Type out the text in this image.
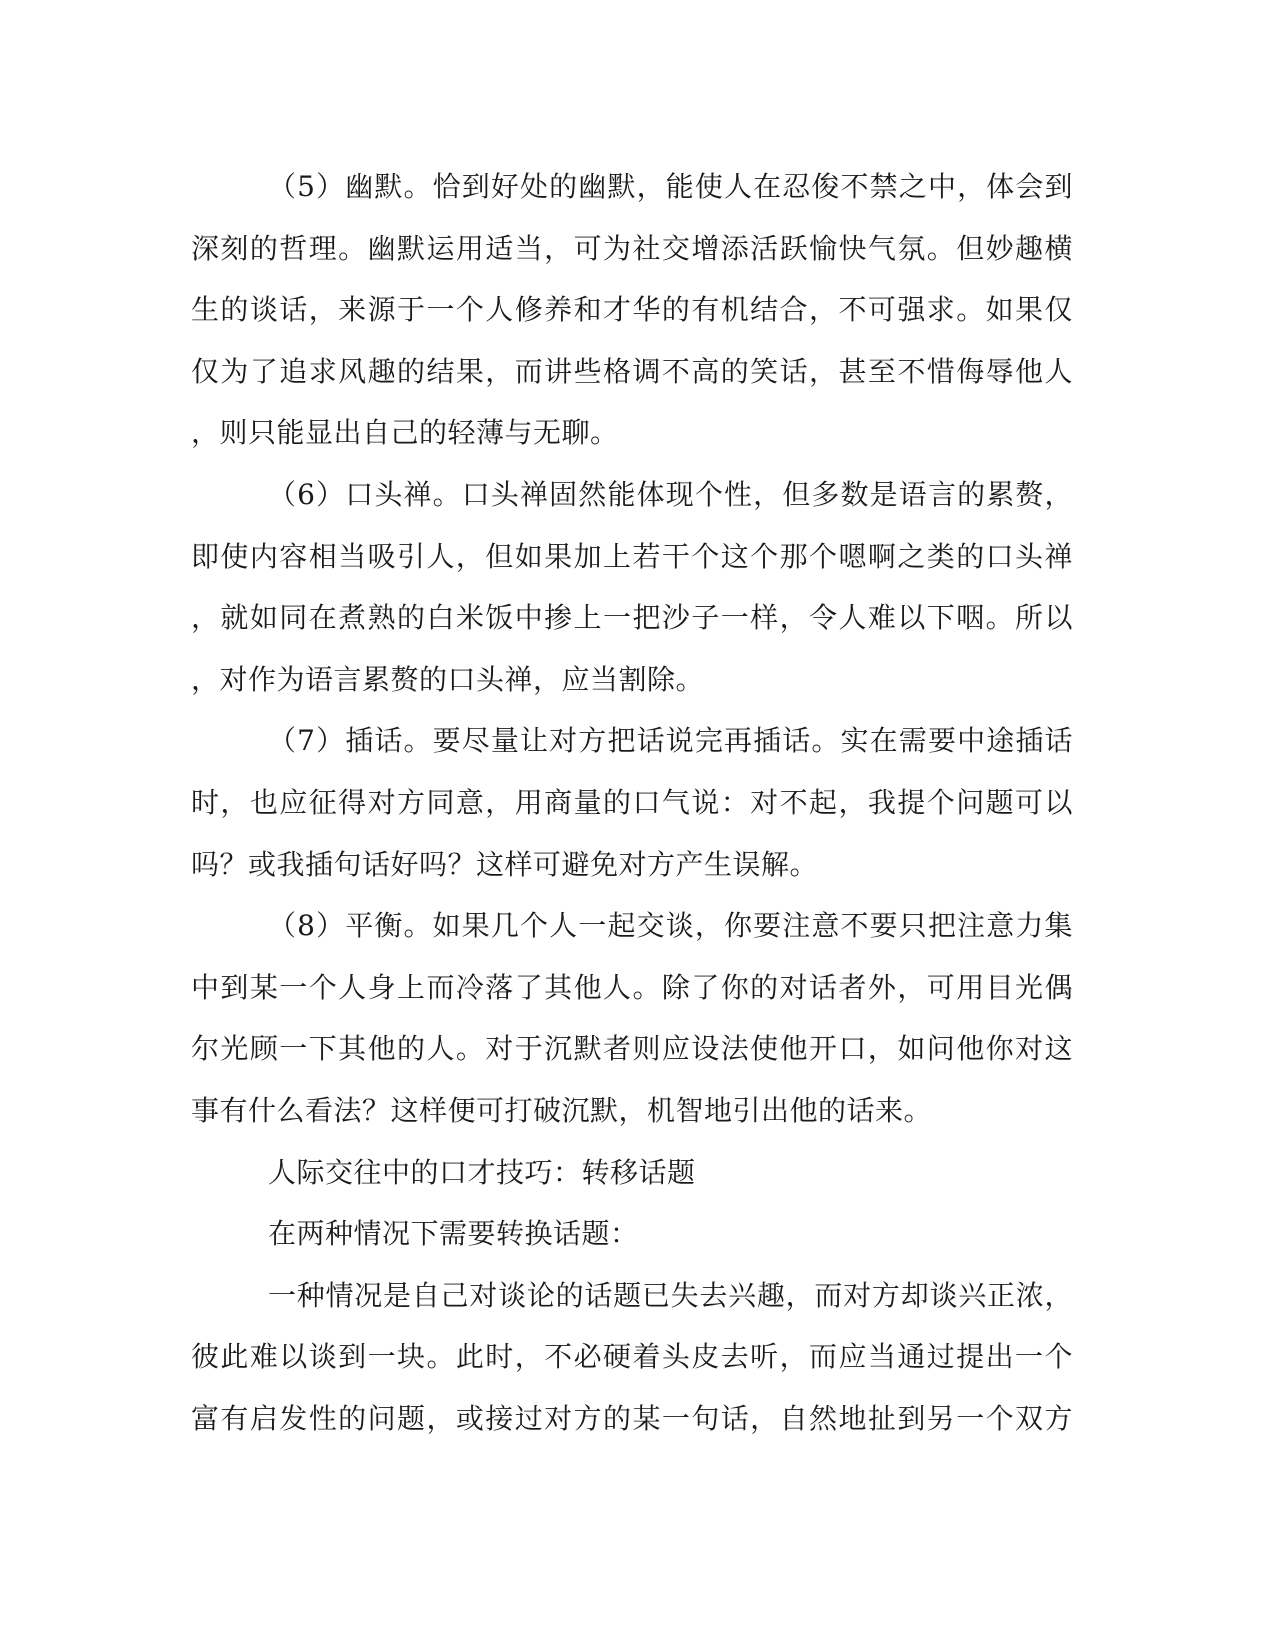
（5）幽默。恰到好处的幽默，能使人在忍俊不禁之中，体会到
深刻的哲理。幽默运用适当，可为社交增添活跃愉快气氛。但妙趣横
生的谈话，来源于一个人修养和才华的有机结合，不可强求。如果仅
仅为了追求风趣的结果，而讲些格调不高的笑话，甚至不惜侮辱他人
，则只能显出自己的轻薄与无聊。
（6）口头禅。口头禅固然能体现个性，但多数是语言的累赘，
即使内容相当吸引人，但如果加上若干个这个那个嗯啊之类的口头禅
，就如同在煮熟的白米饭中掺上一把沙子一样，令人难以下咽。所以
，对作为语言累赘的口头禅，应当割除。
（7）插话。要尽量让对方把话说完再插话。实在需要中途插话
时，也应征得对方同意，用商量的口气说：对不起，我提个问题可以
吗？或我插句话好吗？这样可避免对方产生误解。
（8）平衡。如果几个人一起交谈，你要注意不要只把注意力集
中到某一个人身上而冷落了其他人。除了你的对话者外，可用目光偶
尔光顾一下其他的人。对于沉默者则应设法使他开口，如问他你对这
事有什么看法？这样便可打破沉默，机智地引出他的话来。
人际交往中的口才技巧：转移话题
在两种情况下需要转换话题：
一种情况是自己对谈论的话题已失去兴趣，而对方却谈兴正浓，
彼此难以谈到一块。此时，不必硬着头皮去听，而应当通过提出一个
富有启发性的问题，或接过对方的某一句话，自然地扯到另一个双方
